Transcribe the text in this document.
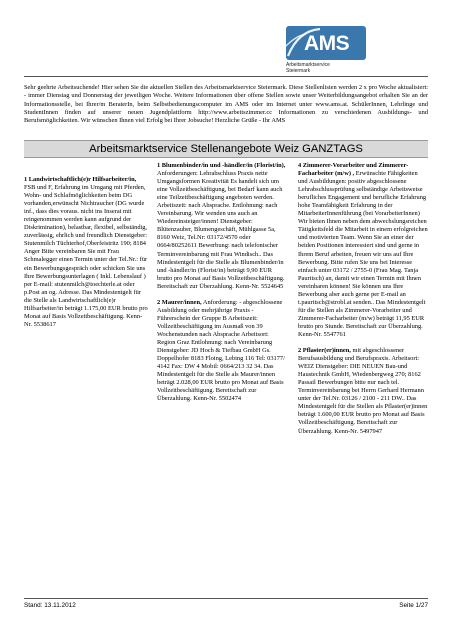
AMS
Arbeitsmarktservice
Steiermark
Sehr geehrte Arbeitsuchende! Hier sehen Sie die aktuellen Stellen des Arbeitsmarktservice Steiermark. Diese Stellenlisten werden 2 x pro Woche aktualisiert: - immer Dienstag und Donnerstag der jeweiligen Woche. Weitere Informationen über offene Stellen sowie unser Weiterbildungsangebot erhalten Sie an der Informationsstelle, bei Ihrer/m BeraterIn, beim Selbstbedienungscomputer im AMS oder im Internet unter www.ams.at. SchülerInnen, Lehrlinge und StudentInnen finden auf unserer neuen Jugendplattform http://www.arbeitszimmer.cc Informationen zu verschiedenen Ausbildungs- und Berufsmöglichkeiten. Wir wünschen Ihnen viel Erfolg bei Ihrer Jobsuche! Herzliche Grüße - Ihr AMS
Arbeitsmarktservice Stellenangebote Weiz GANZTAGS
1 Landwirtschaftlich(e)r Hilfsarbeiter/in, FSB und F, Erfahrung im Umgang mit Pferden, Wohn- und Schlafmöglichkeiten beim DG vorhanden,erwünscht Nichtraucher (DG wurde inf., dass dies voraus. nicht ins Inserat mit reingenommen werden kann aufgrund der Diskrimination), belastbar, flexibel, selbständig, zuverlässig, ehrlich und freundlich Dienstgeber: Stutenmilch Tüchterhof,Oberfeistritz 190; 8184 Anger Bitte vereinbaren Sie mit Frau Schmalegger einen Termin unter der Tel.Nr.: für ein Bewerbungsgespräch oder schicken Sie uns Ihre Bewerbungsunterlagen ( Inkl. Lebenslauf ) per E-mail: stutenmilch@toechterle.at oder p.Post an og. Adresse. Das Mindestentgelt für die Stelle als Landwirtschaftlich(e)r Hilfsarbeiter/in beträgt 1.175,00 EUR brutto pro Monat auf Basis Vollzeitbeschäftigung. Kenn-Nr. 5538617
1 Blumenbinder/in und -händler/in (Florist/in), Anforderungen: Lehrabschluss Praxis nette Umgangsformen Kreativität Es handelt sich um eine Vollzeitbeschäftigung, bei Bedarf kann auch eine Teilzeitbeschäftigung angeboten werden. Arbeitszeit: nach Absprache. Entlohnung: nach Vereinbarung. Wir wenden uns auch an Wiedereinsteiger/innen! Dienstgeber: Blütenzauber, Blumengeschäft, Mühlgasse 5a, 8160 Weiz, Tel.Nr: 03172/4570 oder 0664/80252611 Bewerbung: nach telefonischer Terminvereinbarung mit Frau Windisch.. Das Mindestentgelt für die Stelle als Blumenbinder/in und -händler/in (Florist/in) beträgt 9,90 EUR brutto pro Monat auf Basis Vollzeitbeschäftigung. Bereitschaft zur Überzahlung. Kenn-Nr. 5524645
2 Maurer/innen, Anforderung: - abgeschlossene Ausbildung oder mehrjährige Praxis - Führerschein der Gruppe B Arbeitszeit: Vollzeitbeschäftigung im Ausmaß von 39 Wochenstunden nach Absprache Arbeitsort: Region Graz Entlohnung: nach Vereinbarung Dienstgeber: JD Hoch & Tiefbau GmbH Gs. Doppelhofer 8183 Floing, Lebing 116 Tel: 03177/ 4142 Fax: DW 4 Mobil: 0664/213 32 34. Das Mindestentgelt für die Stelle als Maurer/innen beträgt 2.028,00 EUR brutto pro Monat auf Basis Vollzeitbeschäftigung. Bereitschaft zur Überzahlung. Kenn-Nr. 5502474
4 Zimmerer-Vorarbeiter und Zimmerer-Facharbeiter (m/w) , Erwünschte Fähigkeiten und Ausbildungen: positiv abgeschlossene Lehrabschlussprüfung selbständige Arbeitsweise berufliches Engagement und berufliche Erfahrung hohe Teamfähigkeit Erfahrung in der MitarbeiterInnenführung (bei VorarbeiterInnen) Wir bieten Ihnen neben dem abwechslungsreichen Tätigkeitsfeld die Mitarbeit in einem erfolgreichen und motivierten Team. Wenn Sie an einer der beiden Positionen interessiert sind und gerne in Ihrem Beruf arbeiten, freuen wir uns auf Ihre Bewerbung. Bitte rufen Sie uns bei Interesse einfach unter 03172 / 2755-0 (Frau Mag. Tanja Pauritsch) an, damit wir einen Termin mit Ihnen vereinbaren können! Sie können uns Ihre Bewerbung aber auch gerne per E-mail an t.pauritsch@strobl.at senden.. Das Mindestentgelt für die Stellen als Zimmerer-Vorarbeiter und Zimmerer-Facharbeiter (m/w) beträgt 11,95 EUR brutto pro Stunde. Bereitschaft zur Überzahlung. Kenn-Nr. 5547761
2 Pflaster(er)innen, mit abgeschlossener Berufsausbildung und Berufspraxis. Arbeitsort: WEIZ Dienstgeber: DIE NEUEN Bau-und Haustechnik GmbH, Wiedenbergweg 270; 8162 Passail Bewerbungen bitte nur nach tel. Terminvereinbarung bei Herrn Gerhard Hermann unter der Tel.Nr. 03126 / 2100 - 211 DW.. Das Mindestentgelt für die Stellen als Pflaster(er)innen beträgt 1.600,00 EUR brutto pro Monat auf Basis Vollzeitbeschäftigung. Bereitschaft zur Überzahlung. Kenn-Nr. 5497947
Stand: 13.11.2012	Seite 1/27
